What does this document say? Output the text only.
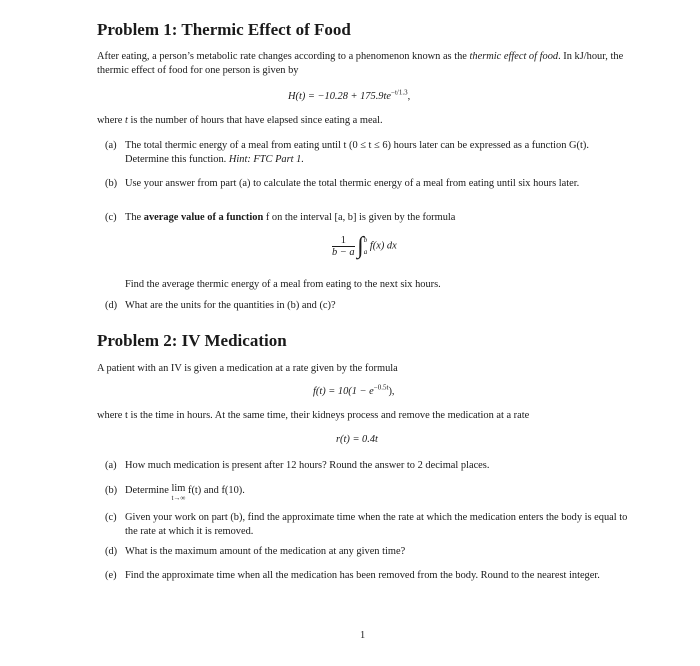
Problem 1: Thermic Effect of Food
After eating, a person’s metabolic rate changes according to a phenomenon known as the thermic effect of food. In kJ/hour, the thermic effect of food for one person is given by
$H(t) = -10.28 + 175.9te^{-t/1.3}$,
where t is the number of hours that have elapsed since eating a meal.
(a) The total thermic energy of a meal from eating until t (0 ≤ t ≤ 6) hours later can be expressed as a function G(t). Determine this function. Hint: FTC Part 1.
(b) Use your answer from part (a) to calculate the total thermic energy of a meal from eating until six hours later.
(c) The average value of a function f on the interval [a, b] is given by the formula
$\frac{1}{b - a}$ ∫ b
a
f(x) dx
Find the average thermic energy of a meal from eating to the next six hours.
(d) What are the units for the quantities in (b) and (c)?
Problem 2: IV Medication
A patient with an IV is given a medication at a rate given by the formula
$f(t) = 10(1 - e^{-0.5t})$,
where t is the time in hours. At the same time, their kidneys process and remove the medication at a rate
r(t) = 0.4t
(a) How much medication is present after 12 hours? Round the answer to 2 decimal places.
(b) Determine lim
t→∞
f(t) and f(10).
(c) Given your work on part (b), find the approximate time when the rate at which the medication enters the body is equal to the rate at which it is removed.
(d) What is the maximum amount of the medication at any given time?
(e) Find the approximate time when all the medication has been removed from the body. Round to the nearest integer.
1
